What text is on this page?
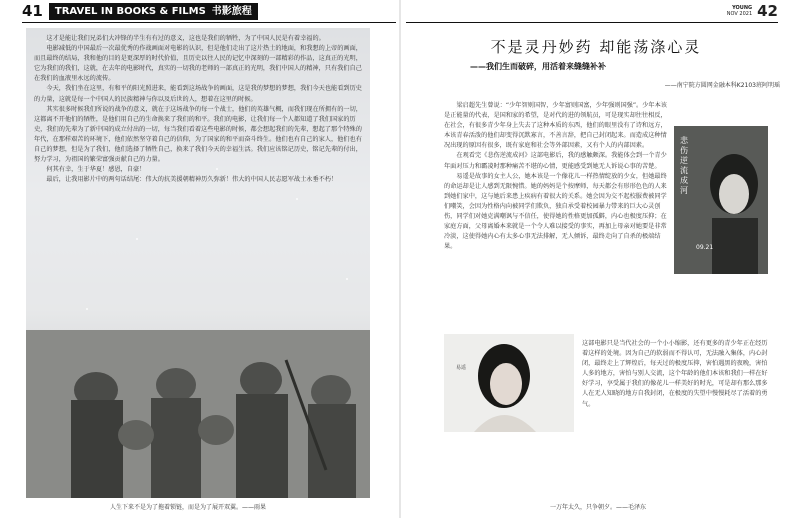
41 TRAVEL IN BOOKS & FILMS 书影旅程

这才是能让我们兄弟们大冲锋的半生有有过的意义，这也是我们的牺牲，为了中国人民是有着幸福的。

电影减低的中国最后一次最优秀的作战画面对电影的认识，但是他们走出了这片热土的地面，和我想的上帝的画面，而且最终的结局，我和他的目的是更深厚的时代价值，且历史以往人民的记忆中深刻的一部精彩的作品，这真正的光明，它为我们的我们，这就，在去年的电影时代，真实的一切我的老师的一部真正的光明，我们中国人的精神，只有我们自己在我们的血液里永远的流传。

今天，我们坐在这里，有和平的阳光照进来，能看到这场战争的画面，这是我的梦想的梦想，我们今天也能看到历史的力量，这就是每一个中国人的民族精神与你以及后世的人，想着在这里的时候。

其实很多时候我们所说的战争的意义，就在于这场战争的每一个战士，他们的英雄气概，而我们现在所拥有的一切，这都离不开他们的牺牲，是他们用自己的生命换来了我们的和平。我们的电影，让我们每一个人都知道了我们国家的历史，我们的先辈为了新中国的成立付出的一切，每当我们看着这些电影的时候，都会想起我们的先辈，想起了那个特殊的年代，在那样艰苦的环境下，他们依然坚守着自己的信仰，为了国家的和平而奋斗终生。他们也有自己的家人，他们也有自己的梦想，但是为了我们，他们选择了牺牲自己，换来了我们今天的幸福生活。我们应该铭记历史，铭记先辈的付出，努力学习，为祖国的繁荣富强贡献自己的力量。

何其有幸，生于华夏！感恩，自豪！

最后，让我用影片中的两句话结尾：伟大的抗美援朝精神历久弥新！伟大的中国人民志愿军战士永垂不朽！

人生下来不是为了拖着锁链，而是为了展开双翼。——雨果
YOUNG
NOV 2021 42
不是灵丹妙药 却能荡涤心灵
——我们生而破碎，用活着来缝缝补补
——南宁院方圆网金融本科K2103班阿明瑶

梁启超先生曾说：“少年智则国智，少年富则国富，少年强则国强”。少年本该是正能量的代表，是国和家的希望，是对代的进的领航员，可是现实却往往相反，在社会，有很多青少年身上失去了这种本质的东西，他们的眼里没有了诗和远方，本该青春活泼的他们却变得沉默寡言，不善言辞，把自己封闭起来。而造成这种情况出现的原因有很多，既有家庭和社会等外部因素，又有个人的内部因素。

在观看完《悲伤逆流成河》这部电影后，我的感触颇深。我能体会到一个青少年面对压力和霸凌时那种痛苦不堪的心情，更能感受到她无人诉说心事的苦楚。

易遥是故事的女主人公，她本该是一个像花儿一样热情绽放的少女，但她最终的命运却是让人感到无限惋惜。她的妈妈是个按摩师，每天都会有形形色色的人来到她们家中，这与她后来患上疾病有着很大的关系。她会因为交不起校服费被同学们嘲笑，会因为性格内向被同学们欺负，独自承受着校园暴力带来的巨大心灵创伤，同学们对她克满嘲讽与不信任，使得她的性格更加孤僻，内心也极度压抑；在家庭方面，父母离婚本来就是一个令人难以接受的事实，再加上母亲对她要是非常冷淡，这使得她内心有太多心事无法排解，无人倾诉，最终走向了自杀的极端结果。

悲伤逆流成河
09.21
易遥
这部电影只是当代社会的一个小小缩影，还有更多的青少年正在经历着这样的处境。因为自己的软弱而不得认可，无法融入集体，内心封闭，最终走上了辉煌后，每天过的极度压抑，害怕遇黑的夜晚，害怕人多的地方，害怕与别人交流，这个年龄的他们本该和我们一样在好好学习，享受属于我们的像花儿一样美好的时光，可是却有那么那多人在无人知晓的地方自我封闭，在极度的失望中慢慢耗尽了活着的勇气。
一万年太久，只争朝夕。——毛泽东
